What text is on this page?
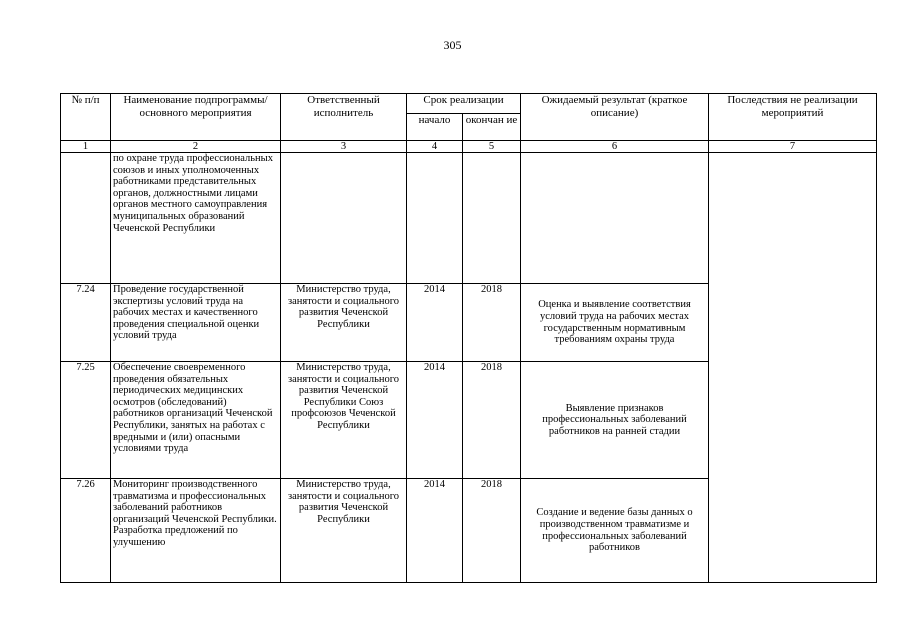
305
№ п/п	Наименование подпрограммы/ основного мероприятия	Ответственный исполнитель	Срок реализации		Ожидаемый результат (краткое описание)	Последствия не реализации мероприятий
			начало	окончан ие		
1	2	3	4	5	6	7
	по охране труда профессиональных союзов и иных уполномоченных работниками представительных органов, должностными лицами органов местного самоуправления муниципальных образований Чеченской Республики					
7.24	Проведение государственной экспертизы условий труда на рабочих местах и качественного проведения специальной оценки условий труда	Министерство труда, занятости и социального развития Чеченской Республики	2014	2018	Оценка и выявление соответствия условий труда на рабочих местах государственным нормативным требованиям охраны труда	
7.25	Обеспечение своевременного проведения обязательных периодических медицинских осмотров (обследований) работников организаций Чеченской Республики, занятых на работах с вредными и (или) опасными условиями труда	Министерство труда, занятости и социального развития Чеченской Республики Союз профсоюзов Чеченской Республики	2014	2018	Выявление признаков профессиональных заболеваний работников на ранней стадии	
7.26	Мониторинг производственного травматизма и профессиональных заболеваний работников организаций Чеченской Республики. Разработка предложений по улучшению	Министерство труда, занятости и социального развития Чеченской Республики	2014	2018	Создание и ведение базы данных о производственном травматизме и профессиональных заболеваний работников	
